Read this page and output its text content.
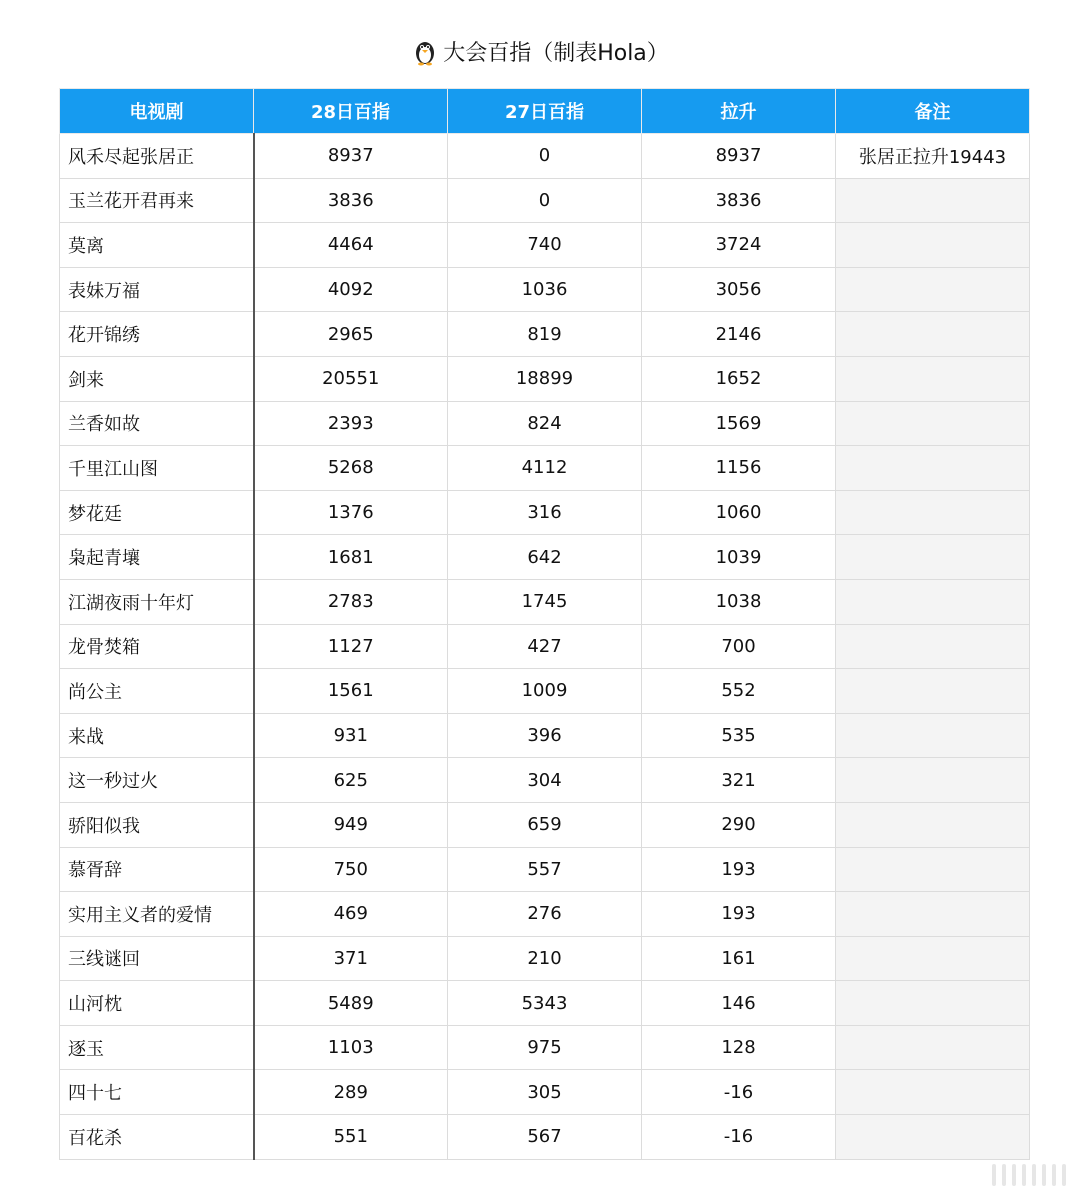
大会百指（制表Hola）
电视剧	28日百指	27日百指	拉升	备注
风禾尽起张居正	8937	0	8937	张居正拉升19443
玉兰花开君再来	3836	0	3836	
莫离	4464	740	3724	
表妹万福	4092	1036	3056	
花开锦绣	2965	819	2146	
剑来	20551	18899	1652	
兰香如故	2393	824	1569	
千里江山图	5268	4112	1156	
梦花廷	1376	316	1060	
枭起青壤	1681	642	1039	
江湖夜雨十年灯	2783	1745	1038	
龙骨焚箱	1127	427	700	
尚公主	1561	1009	552	
来战	931	396	535	
这一秒过火	625	304	321	
骄阳似我	949	659	290	
慕胥辞	750	557	193	
实用主义者的爱情	469	276	193	
三线谜回	371	210	161	
山河枕	5489	5343	146	
逐玉	1103	975	128	
四十七	289	305	-16	
百花杀	551	567	-16	
